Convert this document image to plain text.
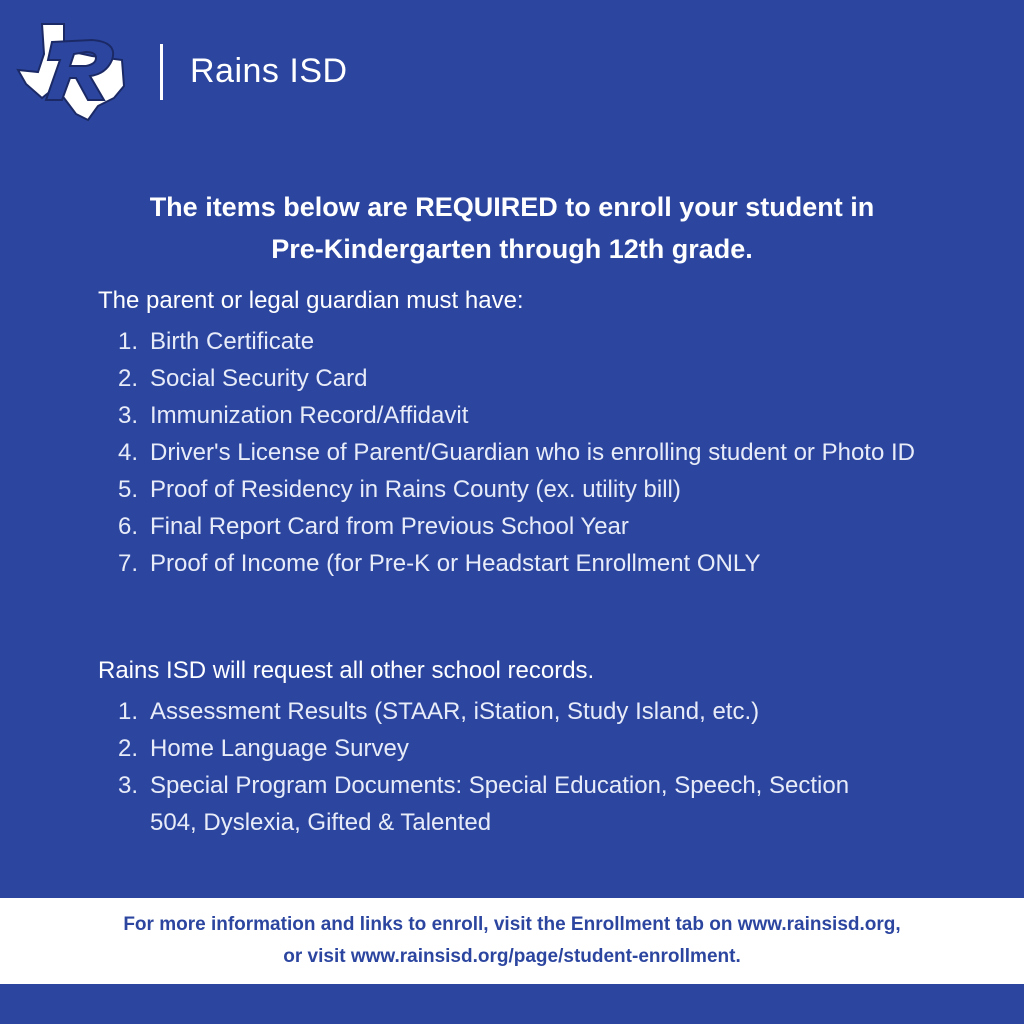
Rains ISD
The items below are REQUIRED to enroll your student in
Pre-Kindergarten through 12th grade.
The parent or legal guardian must have:
1. Birth Certificate
2. Social Security Card
3. Immunization Record/Affidavit
4. Driver's License of Parent/Guardian who is enrolling student or Photo ID
5. Proof of Residency in Rains County (ex. utility bill)
6. Final Report Card from Previous School Year
7. Proof of Income (for Pre-K or Headstart Enrollment ONLY
Rains ISD will request all other school records.
1. Assessment Results (STAAR, iStation, Study Island, etc.)
2. Home Language Survey
3. Special Program Documents: Special Education, Speech, Section 504, Dyslexia, Gifted & Talented
For more information and links to enroll, visit the Enrollment tab on www.rainsisd.org,
or visit www.rainsisd.org/page/student-enrollment.
